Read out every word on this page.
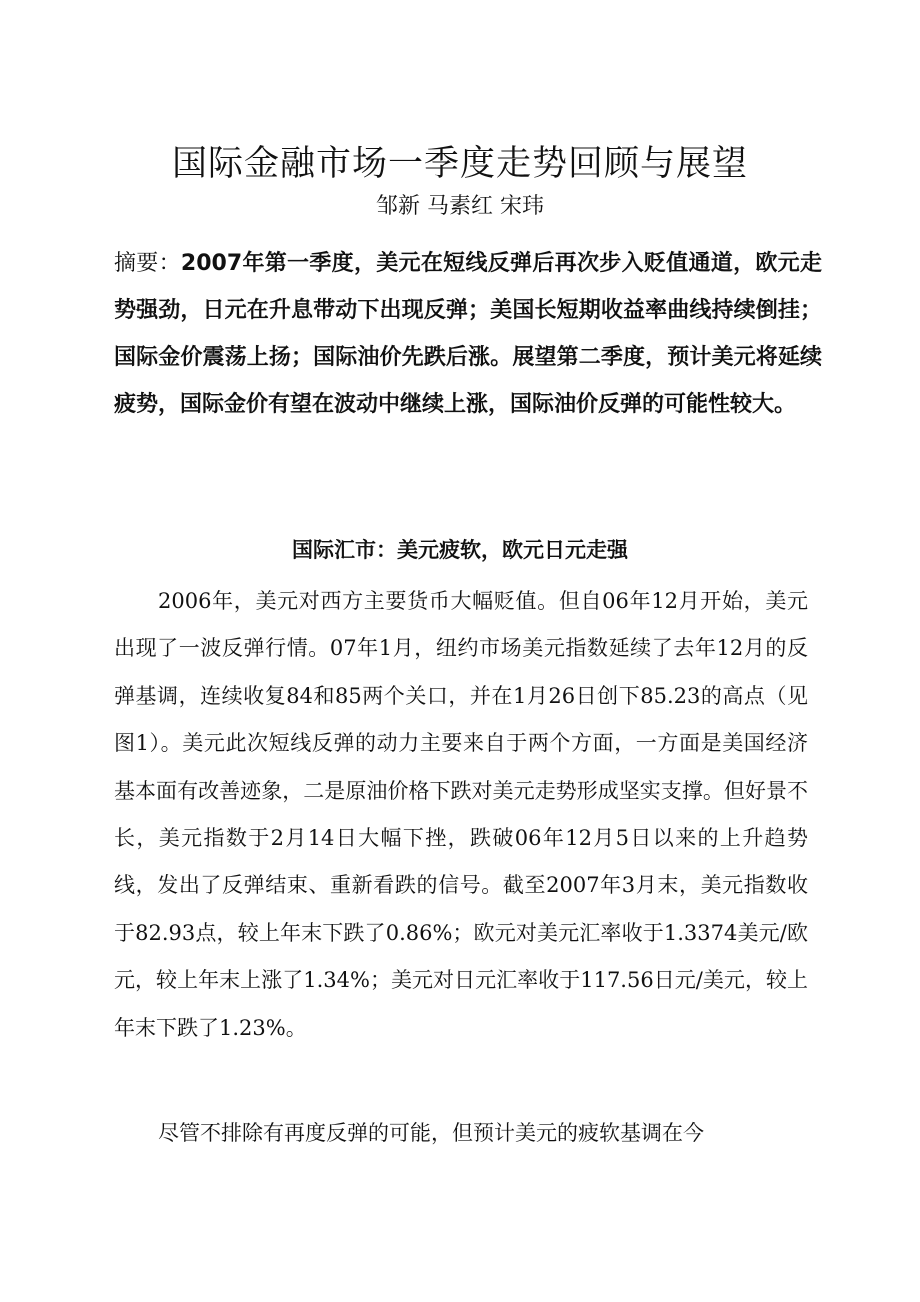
国际金融市场一季度走势回顾与展望
邹新 马素红 宋玮

摘要：2007年第一季度，美元在短线反弹后再次步入贬值通道，欧元走势强劲，日元在升息带动下出现反弹；美国长短期收益率曲线持续倒挂；国际金价震荡上扬；国际油价先跌后涨。展望第二季度，预计美元将延续疲势，国际金价有望在波动中继续上涨，国际油价反弹的可能性较大。

国际汇市：美元疲软，欧元日元走强

2006年，美元对西方主要货币大幅贬值。但自06年12月开始，美元出现了一波反弹行情。07年1月，纽约市场美元指数延续了去年12月的反弹基调，连续收复84和85两个关口，并在1月26日创下85.23的高点（见图1）。美元此次短线反弹的动力主要来自于两个方面，一方面是美国经济基本面有改善迹象，二是原油价格下跌对美元走势形成坚实支撑。但好景不长，美元指数于2月14日大幅下挫，跌破06年12月5日以来的上升趋势线，发出了反弹结束、重新看跌的信号。截至2007年3月末，美元指数收于82.93点，较上年末下跌了0.86%；欧元对美元汇率收于1.3374美元/欧元，较上年末上涨了1.34%；美元对日元汇率收于117.56日元/美元，较上年末下跌了1.23%。

尽管不排除有再度反弹的可能，但预计美元的疲软基调在今
